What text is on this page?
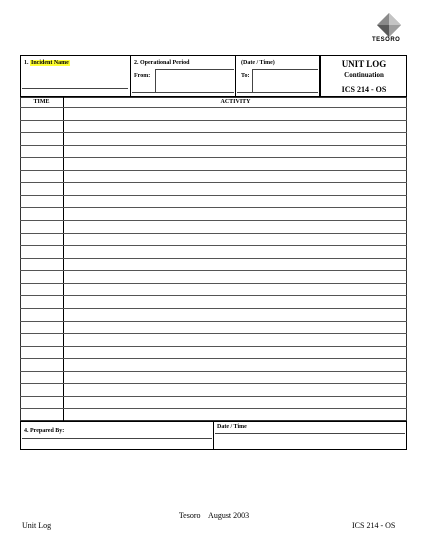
TESORO
1. Incident Name	2. Operational Period	(Date / Time)
From:	To:
UNIT LOG
Continuation
ICS 214 - OS
TIME	ACTIVITY
4. Prepared By:
Date / Time
Tesoro    August 2003
Unit Log	ICS 214 - OS
